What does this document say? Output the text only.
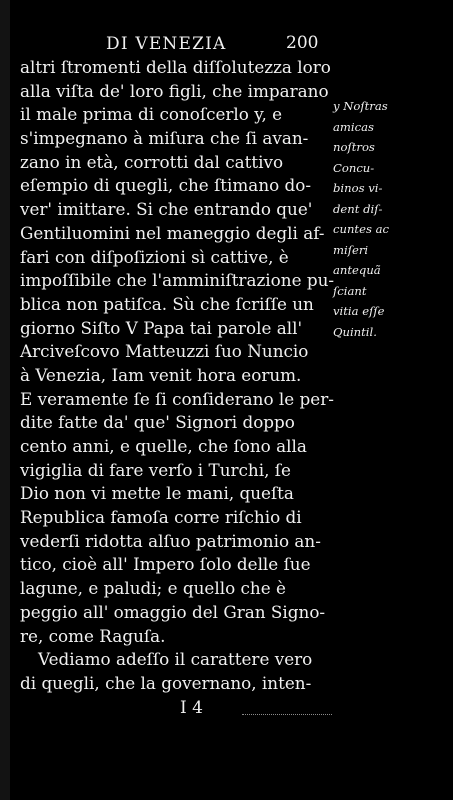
DI VENEZIA	200
altri ſtromenti della diſſolutezza loro
alla viſta de' loro figli, che imparano
il male prima di conoſcerlo y, e
s'impegnano à miſura che ſi avan-
zano in età, corrotti dal cattivo
eſempio di quegli, che ſtimano do-
ver' imittare. Si che entrando que'
Gentiluomini nel maneggio degli af-
fari con diſpoſizioni sì cattive, è
impoſſibile che l'amminiſtrazione pu-
blica non patiſca. Sù che ſcriſſe un
giorno Siſto V Papa tai parole all'
Arciveſcovo Matteuzzi ſuo Nuncio
à Venezia, Iam venit hora eorum.
E veramente ſe ſi conſiderano le per-
dite fatte da' que' Signori doppo
cento anni, e quelle, che ſono alla
vigiglia di fare verſo i Turchi, ſe
Dio non vi mette le mani, queſta
Republica famoſa corre riſchio di
vederſi ridotta alſuo patrimonio an-
tico, cioè all' Impero ſolo delle ſue
lagune, e paludi; e quello che è
peggio all' omaggio del Gran Signo-
re, come Raguſa.
Vediamo adeſſo il carattere vero
di quegli, che la governano, inten-
y Noſtras
amicas
noſtros
Concu-
binos vi-
dent diſ-
cuntes ac
miſeri
antequã
ſciant
vitia eſſe
Quintil.
I 4
